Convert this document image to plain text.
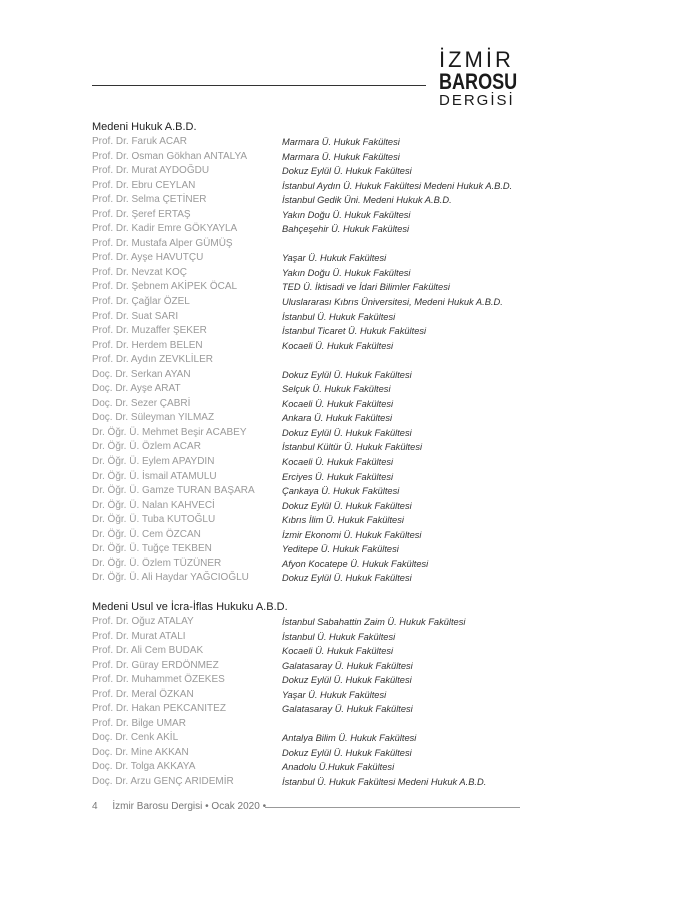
İZMİR
BAROSU
DERGİSİ
Medeni Hukuk A.B.D.
Prof. Dr. Faruk ACAR	Marmara Ü. Hukuk Fakültesi
Prof. Dr. Osman Gökhan ANTALYA	Marmara Ü. Hukuk Fakültesi
Prof. Dr. Murat AYDOĞDU	Dokuz Eylül Ü. Hukuk Fakültesi
Prof. Dr. Ebru CEYLAN	İstanbul Aydın Ü. Hukuk Fakültesi Medeni Hukuk A.B.D.
Prof. Dr. Selma ÇETİNER	İstanbul Gedik Üni. Medeni Hukuk A.B.D.
Prof. Dr. Şeref ERTAŞ	Yakın Doğu Ü. Hukuk Fakültesi
Prof. Dr. Kadir Emre GÖKYAYLA	Bahçeşehir Ü. Hukuk Fakültesi
Prof. Dr. Mustafa Alper GÜMÜŞ
Prof. Dr. Ayşe HAVUTÇU	Yaşar Ü. Hukuk Fakültesi
Prof. Dr. Nevzat KOÇ	Yakın Doğu Ü. Hukuk Fakültesi
Prof. Dr. Şebnem AKİPEK ÖCAL	TED Ü. İktisadi ve İdari Bilimler Fakültesi
Prof. Dr. Çağlar ÖZEL	Uluslararası Kıbrıs Üniversitesi, Medeni Hukuk A.B.D.
Prof. Dr. Suat SARI	İstanbul Ü. Hukuk Fakültesi
Prof. Dr. Muzaffer ŞEKER	İstanbul Ticaret Ü. Hukuk Fakültesi
Prof. Dr. Herdem BELEN	Kocaeli Ü. Hukuk Fakültesi
Prof. Dr. Aydın ZEVKLİLER
Doç. Dr. Serkan AYAN	Dokuz Eylül Ü. Hukuk Fakültesi
Doç. Dr. Ayşe ARAT	Selçuk Ü. Hukuk Fakültesi
Doç. Dr. Sezer ÇABRİ	Kocaeli Ü. Hukuk Fakültesi
Doç. Dr. Süleyman YILMAZ	Ankara Ü. Hukuk Fakültesi
Dr. Öğr. Ü. Mehmet Beşir ACABEY	Dokuz Eylül Ü. Hukuk Fakültesi
Dr. Öğr. Ü. Özlem ACAR	İstanbul Kültür Ü. Hukuk Fakültesi
Dr. Öğr. Ü. Eylem APAYDIN	Kocaeli Ü. Hukuk Fakültesi
Dr. Öğr. Ü. İsmail ATAMULU	Erciyes Ü. Hukuk Fakültesi
Dr. Öğr. Ü. Gamze TURAN BAŞARA	Çankaya Ü. Hukuk Fakültesi
Dr. Öğr. Ü. Nalan KAHVECİ	Dokuz Eylül Ü. Hukuk Fakültesi
Dr. Öğr. Ü. Tuba KUTOĞLU	Kıbrıs İlim Ü. Hukuk Fakültesi
Dr. Öğr. Ü. Cem ÖZCAN	İzmir Ekonomi Ü. Hukuk Fakültesi
Dr. Öğr. Ü. Tuğçe TEKBEN	Yeditepe Ü. Hukuk Fakültesi
Dr. Öğr. Ü. Özlem TÜZÜNER	Afyon Kocatepe Ü. Hukuk Fakültesi
Dr. Öğr. Ü. Ali Haydar YAĞCIOĞLU	Dokuz Eylül Ü. Hukuk Fakültesi
Medeni Usul ve İcra-İflas Hukuku A.B.D.
Prof. Dr. Oğuz ATALAY	İstanbul Sabahattin Zaim Ü. Hukuk Fakültesi
Prof. Dr. Murat ATALI	İstanbul Ü. Hukuk Fakültesi
Prof. Dr. Ali Cem BUDAK	Kocaeli Ü. Hukuk Fakültesi
Prof. Dr. Güray ERDÖNMEZ	Galatasaray Ü. Hukuk Fakültesi
Prof. Dr. Muhammet ÖZEKES	Dokuz Eylül Ü. Hukuk Fakültesi
Prof. Dr. Meral ÖZKAN	Yaşar Ü. Hukuk Fakültesi
Prof. Dr. Hakan PEKCANITEZ	Galatasaray Ü. Hukuk Fakültesi
Prof. Dr. Bilge UMAR
Doç. Dr. Cenk AKİL	Antalya Bilim Ü. Hukuk Fakültesi
Doç. Dr. Mine AKKAN	Dokuz Eylül Ü. Hukuk Fakültesi
Doç. Dr. Tolga AKKAYA	Anadolu Ü.Hukuk Fakültesi
Doç. Dr. Arzu GENÇ ARIDEMİR	İstanbul Ü. Hukuk Fakültesi Medeni Hukuk A.B.D.
4 İzmir Barosu Dergisi • Ocak 2020 •
